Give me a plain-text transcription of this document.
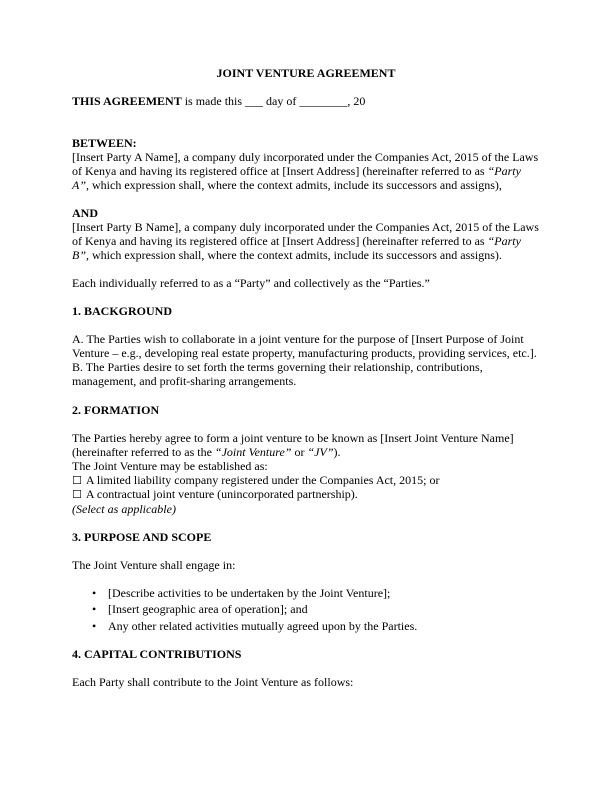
JOINT VENTURE AGREEMENT

THIS AGREEMENT is made this ___ day of ________, 20

BETWEEN:
[Insert Party A Name], a company duly incorporated under the Companies Act, 2015 of the Laws of Kenya and having its registered office at [Insert Address] (hereinafter referred to as “Party A”, which expression shall, where the context admits, include its successors and assigns),
AND
[Insert Party B Name], a company duly incorporated under the Companies Act, 2015 of the Laws of Kenya and having its registered office at [Insert Address] (hereinafter referred to as “Party B”, which expression shall, where the context admits, include its successors and assigns).

Each individually referred to as a “Party” and collectively as the “Parties.”

1. BACKGROUND

A. The Parties wish to collaborate in a joint venture for the purpose of [Insert Purpose of Joint Venture – e.g., developing real estate property, manufacturing products, providing services, etc.].
B. The Parties desire to set forth the terms governing their relationship, contributions, management, and profit-sharing arrangements.

2. FORMATION

The Parties hereby agree to form a joint venture to be known as [Insert Joint Venture Name] (hereinafter referred to as the “Joint Venture” or “JV”).
The Joint Venture may be established as:
☐ A limited liability company registered under the Companies Act, 2015; or
☐ A contractual joint venture (unincorporated partnership).
(Select as applicable)

3. PURPOSE AND SCOPE

The Joint Venture shall engage in:

• [Describe activities to be undertaken by the Joint Venture];
• [Insert geographic area of operation]; and
• Any other related activities mutually agreed upon by the Parties.

4. CAPITAL CONTRIBUTIONS

Each Party shall contribute to the Joint Venture as follows:
